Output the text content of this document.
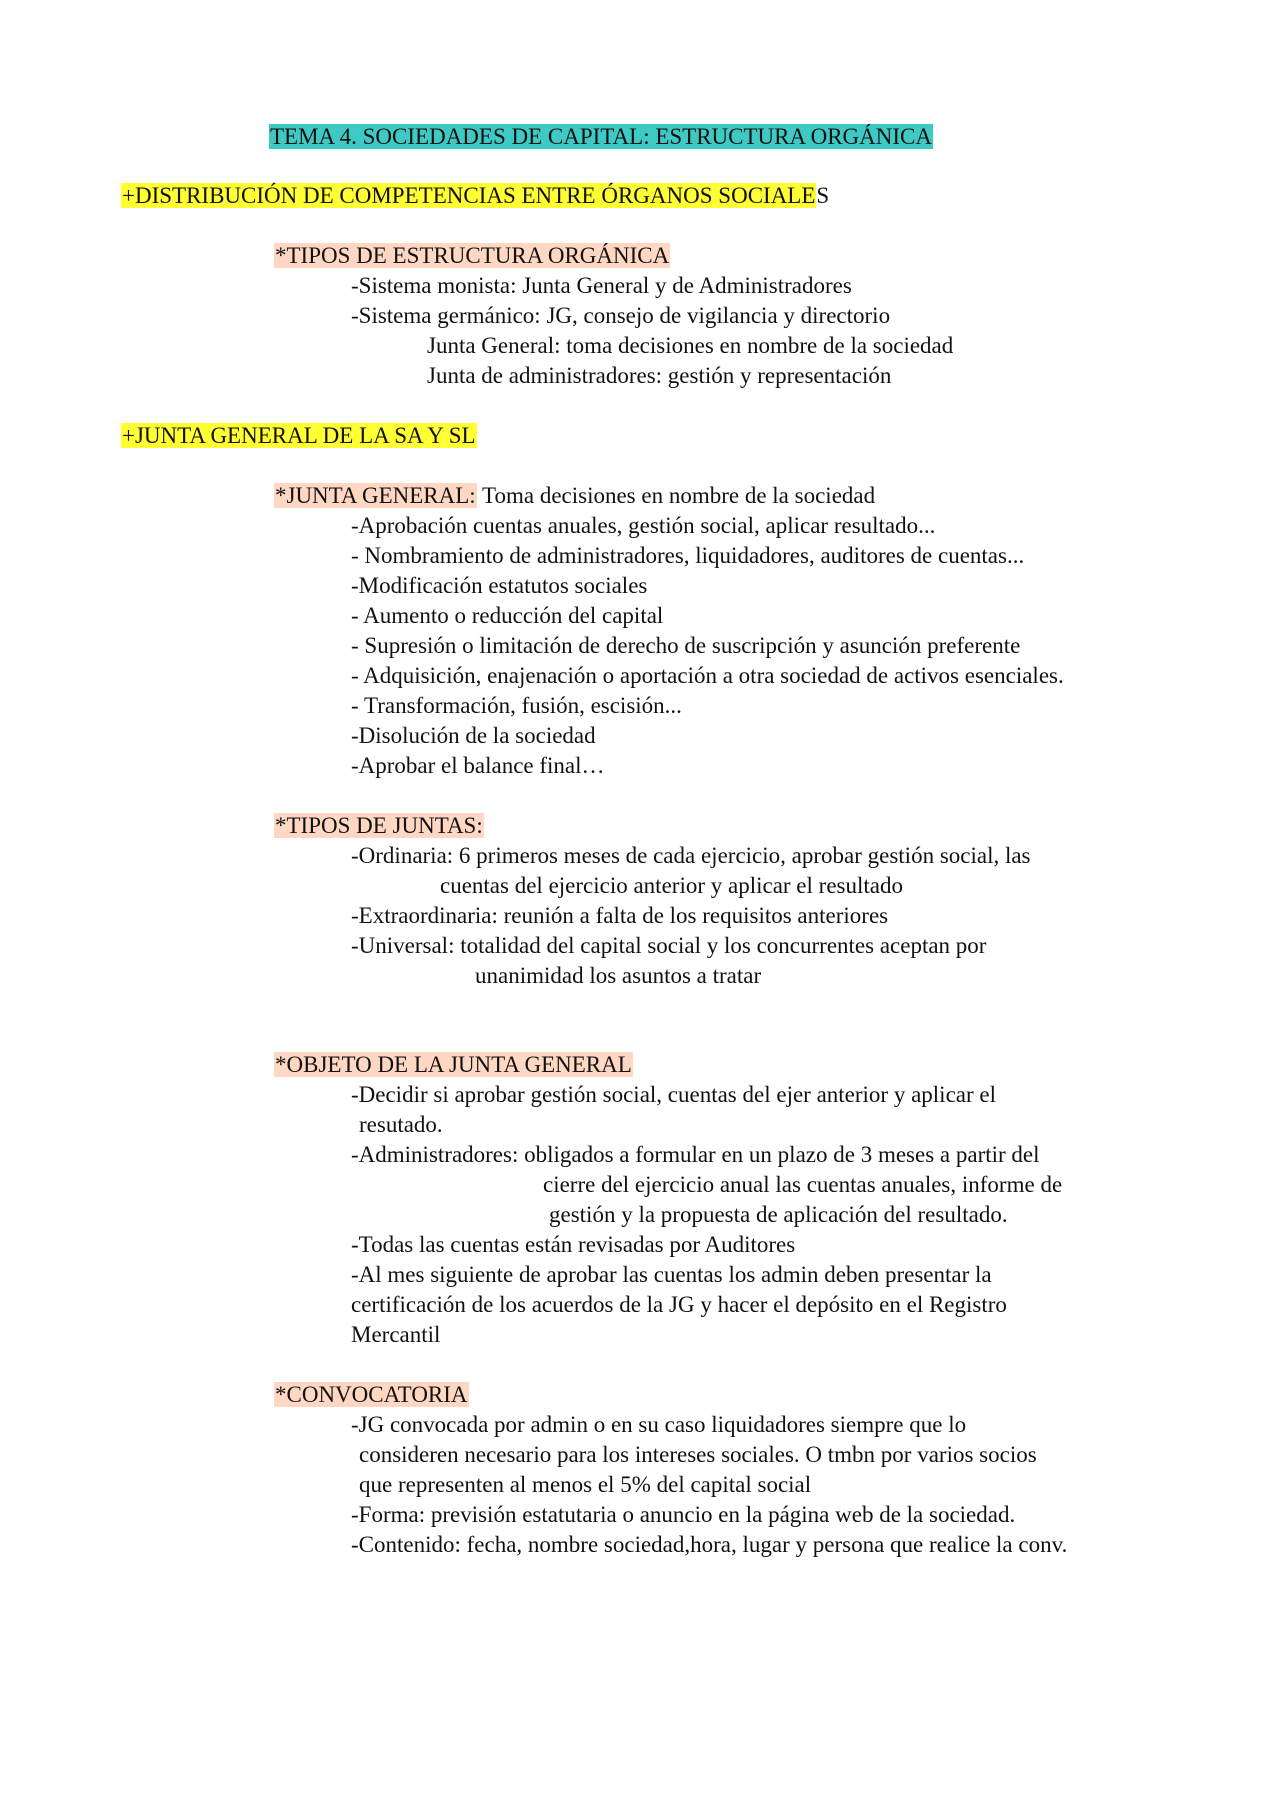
TEMA 4. SOCIEDADES DE CAPITAL: ESTRUCTURA ORGÁNICA
+DISTRIBUCIÓN DE COMPETENCIAS ENTRE ÓRGANOS SOCIALES
*TIPOS DE ESTRUCTURA ORGÁNICA
-Sistema monista: Junta General y de Administradores
-Sistema germánico: JG, consejo de vigilancia y directorio
Junta General: toma decisiones en nombre de la sociedad
Junta de administradores: gestión y representación
+JUNTA GENERAL DE LA SA Y SL
*JUNTA GENERAL: Toma decisiones en nombre de la sociedad
-Aprobación cuentas anuales, gestión social, aplicar resultado...
- Nombramiento de administradores, liquidadores, auditores de cuentas...
-Modificación estatutos sociales
- Aumento o reducción del capital
- Supresión o limitación de derecho de suscripción y asunción preferente
- Adquisición, enajenación o aportación a otra sociedad de activos esenciales.
- Transformación, fusión, escisión...
-Disolución de la sociedad
-Aprobar el balance final…
*TIPOS DE JUNTAS:
-Ordinaria: 6 primeros meses de cada ejercicio, aprobar gestión social, las
cuentas del ejercicio anterior y aplicar el resultado
-Extraordinaria: reunión a falta de los requisitos anteriores
-Universal: totalidad del capital social y los concurrentes aceptan por
unanimidad los asuntos a tratar
*OBJETO DE LA JUNTA GENERAL
-Decidir si aprobar gestión social, cuentas del ejer anterior y aplicar el
resutado.
-Administradores: obligados a formular en un plazo de 3 meses a partir del
cierre del ejercicio anual las cuentas anuales, informe de
gestión y la propuesta de aplicación del resultado.
-Todas las cuentas están revisadas por Auditores
-Al mes siguiente de aprobar las cuentas los admin deben presentar la
certificación de los acuerdos de la JG y hacer el depósito en el Registro
Mercantil
*CONVOCATORIA
-JG convocada por admin o en su caso liquidadores siempre que lo
consideren necesario para los intereses sociales. O tmbn por varios socios
que representen al menos el 5% del capital social
-Forma: previsión estatutaria o anuncio en la página web de la sociedad.
-Contenido: fecha, nombre sociedad,hora, lugar y persona que realice la conv.
